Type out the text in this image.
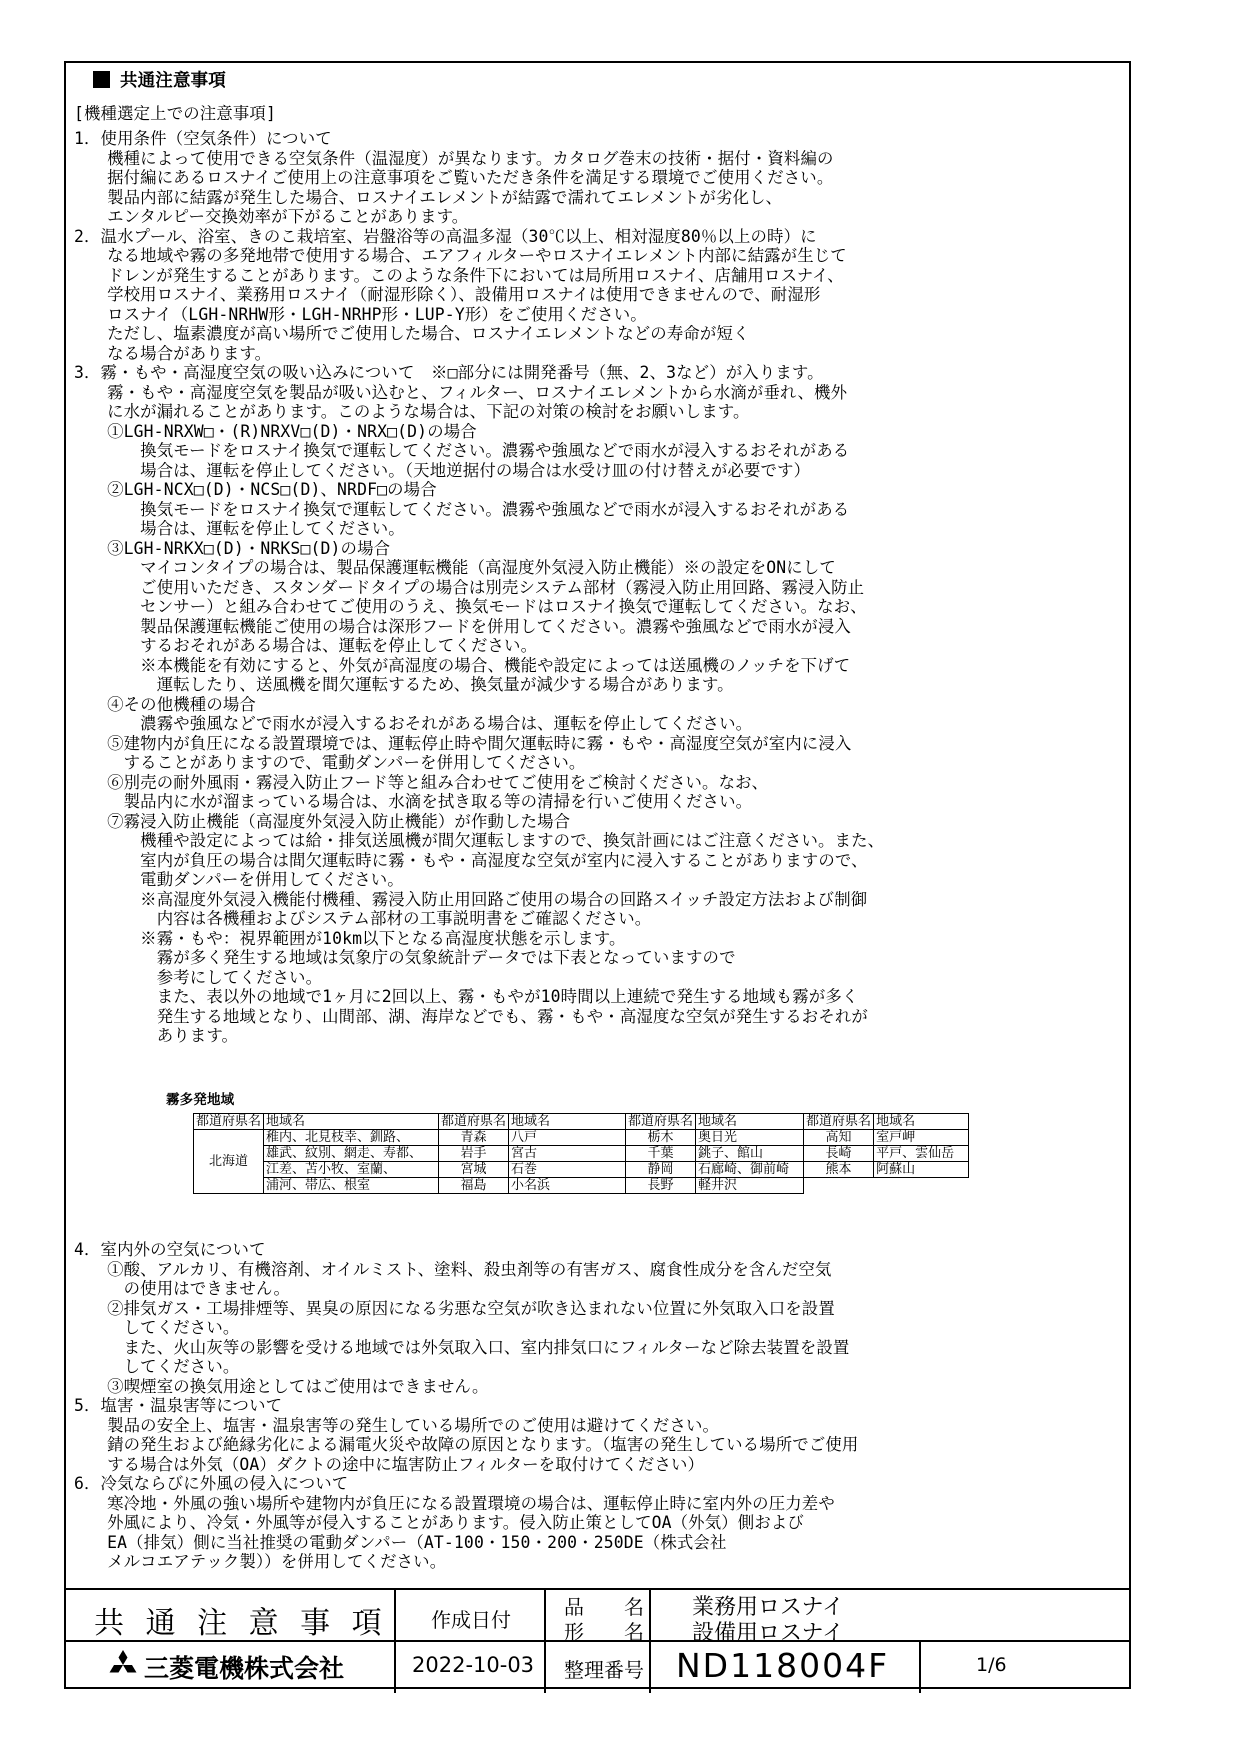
共通注意事項
[機種選定上での注意事項]
1．使用条件（空気条件）について
　　機種によって使用できる空気条件（温湿度）が異なります。カタログ巻末の技術・据付・資料編の
　　据付編にあるロスナイご使用上の注意事項をご覧いただき条件を満足する環境でご使用ください。
　　製品内部に結露が発生した場合、ロスナイエレメントが結露で濡れてエレメントが劣化し、
　　エンタルピー交換効率が下がることがあります。
2．温水プール、浴室、きのこ栽培室、岩盤浴等の高温多湿（30℃以上、相対湿度80％以上の時）に
　　なる地域や霧の多発地帯で使用する場合、エアフィルターやロスナイエレメント内部に結露が生じて
　　ドレンが発生することがあります。このような条件下においては局所用ロスナイ、店舗用ロスナイ、
　　学校用ロスナイ、業務用ロスナイ（耐湿形除く）、設備用ロスナイは使用できませんので、耐湿形
　　ロスナイ（LGH-NRHW形・LGH-NRHP形・LUP-Y形）をご使用ください。
　　ただし、塩素濃度が高い場所でご使用した場合、ロスナイエレメントなどの寿命が短く
　　なる場合があります。
3．霧・もや・高湿度空気の吸い込みについて　※□部分には開発番号（無、2、3など）が入ります。
　　霧・もや・高湿度空気を製品が吸い込むと、フィルター、ロスナイエレメントから水滴が垂れ、機外
　　に水が漏れることがあります。このような場合は、下記の対策の検討をお願いします。
　　①LGH-NRXW□・(R)NRXV□(D)・NRX□(D)の場合
　　　　換気モードをロスナイ換気で運転してください。濃霧や強風などで雨水が浸入するおそれがある
　　　　場合は、運転を停止してください。（天地逆据付の場合は水受け皿の付け替えが必要です）
　　②LGH-NCX□(D)・NCS□(D)、NRDF□の場合
　　　　換気モードをロスナイ換気で運転してください。濃霧や強風などで雨水が浸入するおそれがある
　　　　場合は、運転を停止してください。
　　③LGH-NRKX□(D)・NRKS□(D)の場合
　　　　マイコンタイプの場合は、製品保護運転機能（高湿度外気浸入防止機能）※の設定をONにして
　　　　ご使用いただき、スタンダードタイプの場合は別売システム部材（霧浸入防止用回路、霧浸入防止
　　　　センサー）と組み合わせてご使用のうえ、換気モードはロスナイ換気で運転してください。なお、
　　　　製品保護運転機能ご使用の場合は深形フードを併用してください。濃霧や強風などで雨水が浸入
　　　　するおそれがある場合は、運転を停止してください。
　　　　※本機能を有効にすると、外気が高湿度の場合、機能や設定によっては送風機のノッチを下げて
　　　　　運転したり、送風機を間欠運転するため、換気量が減少する場合があります。
　　④その他機種の場合
　　　　濃霧や強風などで雨水が浸入するおそれがある場合は、運転を停止してください。
　　⑤建物内が負圧になる設置環境では、運転停止時や間欠運転時に霧・もや・高湿度空気が室内に浸入
　　　することがありますので、電動ダンパーを併用してください。
　　⑥別売の耐外風雨・霧浸入防止フード等と組み合わせてご使用をご検討ください。なお、
　　　製品内に水が溜まっている場合は、水滴を拭き取る等の清掃を行いご使用ください。
　　⑦霧浸入防止機能（高湿度外気浸入防止機能）が作動した場合
　　　　機種や設定によっては給・排気送風機が間欠運転しますので、換気計画にはご注意ください。また、
　　　　室内が負圧の場合は間欠運転時に霧・もや・高湿度な空気が室内に浸入することがありますので、
　　　　電動ダンパーを併用してください。
　　　　※高湿度外気浸入機能付機種、霧浸入防止用回路ご使用の場合の回路スイッチ設定方法および制御
　　　　　内容は各機種およびシステム部材の工事説明書をご確認ください。
　　　　※霧・もや：視界範囲が10km以下となる高湿度状態を示します。
　　　　　霧が多く発生する地域は気象庁の気象統計データでは下表となっていますので
　　　　　参考にしてください。
　　　　　また、表以外の地域で1ヶ月に2回以上、霧・もやが10時間以上連続で発生する地域も霧が多く
　　　　　発生する地域となり、山間部、湖、海岸などでも、霧・もや・高湿度な空気が発生するおそれが
　　　　　あります。
霧多発地域
都道府県名	地域名	都道府県名	地域名	都道府県名	地域名	都道府県名	地域名
北海道	稚内、北見枝幸、釧路、	青森	八戸	栃木	奥日光	高知	室戸岬
	雄武、紋別、網走、寿都、	岩手	宮古	千葉	銚子、館山	長崎	平戸、雲仙岳
	江差、苫小牧、室蘭、	宮城	石巻	静岡	石廊崎、御前崎	熊本	阿蘇山
	浦河、帯広、根室	福島	小名浜	長野	軽井沢		
4．室内外の空気について
　　①酸、アルカリ、有機溶剤、オイルミスト、塗料、殺虫剤等の有害ガス、腐食性成分を含んだ空気
　　　の使用はできません。
　　②排気ガス・工場排煙等、異臭の原因になる劣悪な空気が吹き込まれない位置に外気取入口を設置
　　　してください。
　　　また、火山灰等の影響を受ける地域では外気取入口、室内排気口にフィルターなど除去装置を設置
　　　してください。
　　③喫煙室の換気用途としてはご使用はできません。
5．塩害・温泉害等について
　　製品の安全上、塩害・温泉害等の発生している場所でのご使用は避けてください。
　　錆の発生および絶縁劣化による漏電火災や故障の原因となります。（塩害の発生している場所でご使用
　　する場合は外気（OA）ダクトの途中に塩害防止フィルターを取付けてください）
6．冷気ならびに外風の侵入について
　　寒冷地・外風の強い場所や建物内が負圧になる設置環境の場合は、運転停止時に室内外の圧力差や
　　外風により、冷気・外風等が侵入することがあります。侵入防止策としてOA（外気）側および
　　EA（排気）側に当社推奨の電動ダンパー（AT-100・150・200・250DE（株式会社
　　メルコエアテック製））を併用してください。
共 通 注 意 事 項 作成日付
品　　名
形　　名
業務用ロスナイ
設備用ロスナイ
三菱電機株式会社	2022-10-03 整理番号 ND118004F	1/6
